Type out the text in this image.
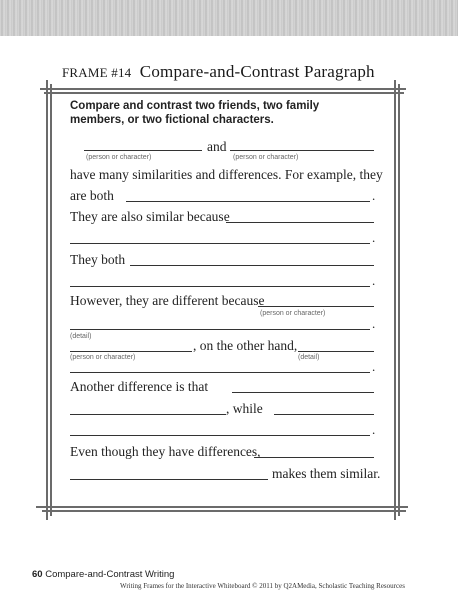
FRAME #14 Compare-and-Contrast Paragraph
Compare and contrast two friends, two family members, or two fictional characters.
and
(person or character)	(person or character)
have many similarities and differences. For example, they
are both	.
They are also similar because
.
They both
.
However, they are different because
(person or character)
.
(detail)
, on the other hand,
(person or character)	(detail)
.
Another difference is that
, while
.
Even though they have differences,
makes them similar.
60 Compare-and-Contrast Writing
Writing Frames for the Interactive Whiteboard © 2011 by Q2AMedia, Scholastic Teaching Resources
